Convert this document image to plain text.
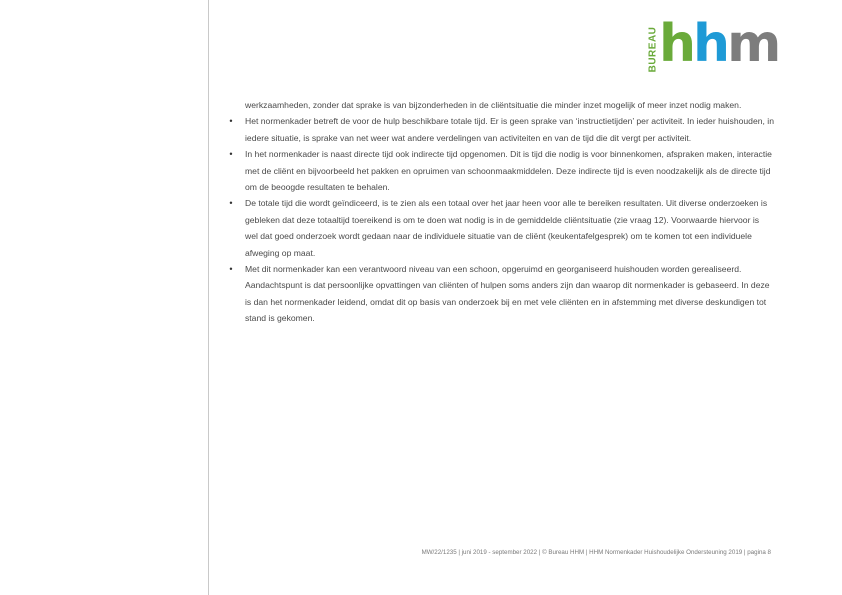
BUREAU hhm

werkzaamheden, zonder dat sprake is van bijzonderheden in de cliëntsituatie die minder inzet mogelijk of meer inzet nodig maken.

•	Het normenkader betreft de voor de hulp beschikbare totale tijd. Er is geen sprake van ‘instructietijden’ per activiteit. In ieder huishouden, in iedere situatie, is sprake van net weer wat andere verdelingen van activiteiten en van de tijd die dit vergt per activiteit.
•	In het normenkader is naast directe tijd ook indirecte tijd opgenomen. Dit is tijd die nodig is voor binnenkomen, afspraken maken, interactie met de cliënt en bijvoorbeeld het pakken en opruimen van schoonmaakmiddelen. Deze indirecte tijd is even noodzakelijk als de directe tijd om de beoogde resultaten te behalen.
•	De totale tijd die wordt geïndiceerd, is te zien als een totaal over het jaar heen voor alle te bereiken resultaten. Uit diverse onderzoeken is gebleken dat deze totaaltijd toereikend is om te doen wat nodig is in de gemiddelde cliëntsituatie (zie vraag 12). Voorwaarde hiervoor is wel dat goed onderzoek wordt gedaan naar de individuele situatie van de cliënt (keukentafelgesprek) om te komen tot een individuele afweging op maat.
•	Met dit normenkader kan een verantwoord niveau van een schoon, opgeruimd en georganiseerd huishouden worden gerealiseerd. Aandachtspunt is dat persoonlijke opvattingen van cliënten of hulpen soms anders zijn dan waarop dit normenkader is gebaseerd. In deze is dan het normenkader leidend, omdat dit op basis van onderzoek bij en met vele cliënten en in afstemming met diverse deskundigen tot stand is gekomen.
MW/22/1235 | juni 2019 - september 2022 | © Bureau HHM | HHM Normenkader Huishoudelijke Ondersteuning 2019 | pagina 8
